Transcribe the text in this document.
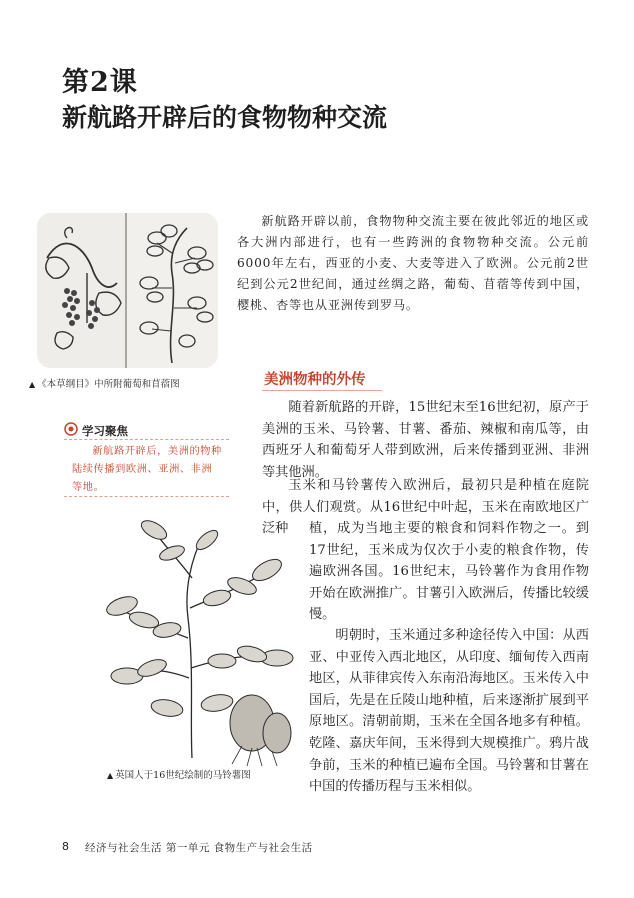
第2课
新航路开辟后的食物物种交流
▲ 《本草纲目》中所附葡萄和苜蓿图

新航路开辟以前，食物物种交流主要在彼此邻近的地区或各大洲内部进行，也有一些跨洲的食物物种交流。公元前6000年左右，西亚的小麦、大麦等进入了欧洲。公元前2世纪到公元2世纪间，通过丝绸之路，葡萄、苜蓿等传到中国，樱桃、杏等也从亚洲传到罗马。

美洲物种的外传
学习聚焦

新航路开辟后，美洲的物种陆续传播到欧洲、亚洲、非洲等地。

随着新航路的开辟，15世纪末至16世纪初，原产于美洲的玉米、马铃薯、甘薯、番茄、辣椒和南瓜等，由西班牙人和葡萄牙人带到欧洲，后来传播到亚洲、非洲等其他洲。

玉米和马铃薯传入欧洲后，最初只是种植在庭院中，供人们观赏。从16世纪中叶起，玉米在南欧地区广泛种	植，成为当地主要的粮食和饲料作物之一。到17世纪，玉米成为仅次于小麦的粮食作物，传遍欧洲各国。16世纪末，马铃薯作为食用作物开始在欧洲推广。甘薯引入欧洲后，传播比较缓慢。

明朝时，玉米通过多种途径传入中国：从西亚、中亚传入西北地区，从印度、缅甸传入西南地区，从菲律宾传入东南沿海地区。玉米传入中国后，先是在丘陵山地种植，后来逐渐扩展到平原地区。清朝前期，玉米在全国各地多有种植。乾隆、嘉庆年间，玉米得到大规模推广。鸦片战争前，玉米的种植已遍布全国。马铃薯和甘薯在中国的传播历程与玉米相似。

▲ 英国人于16世纪绘制的马铃薯图
8 经济与社会生活 第一单元 食物生产与社会生活
